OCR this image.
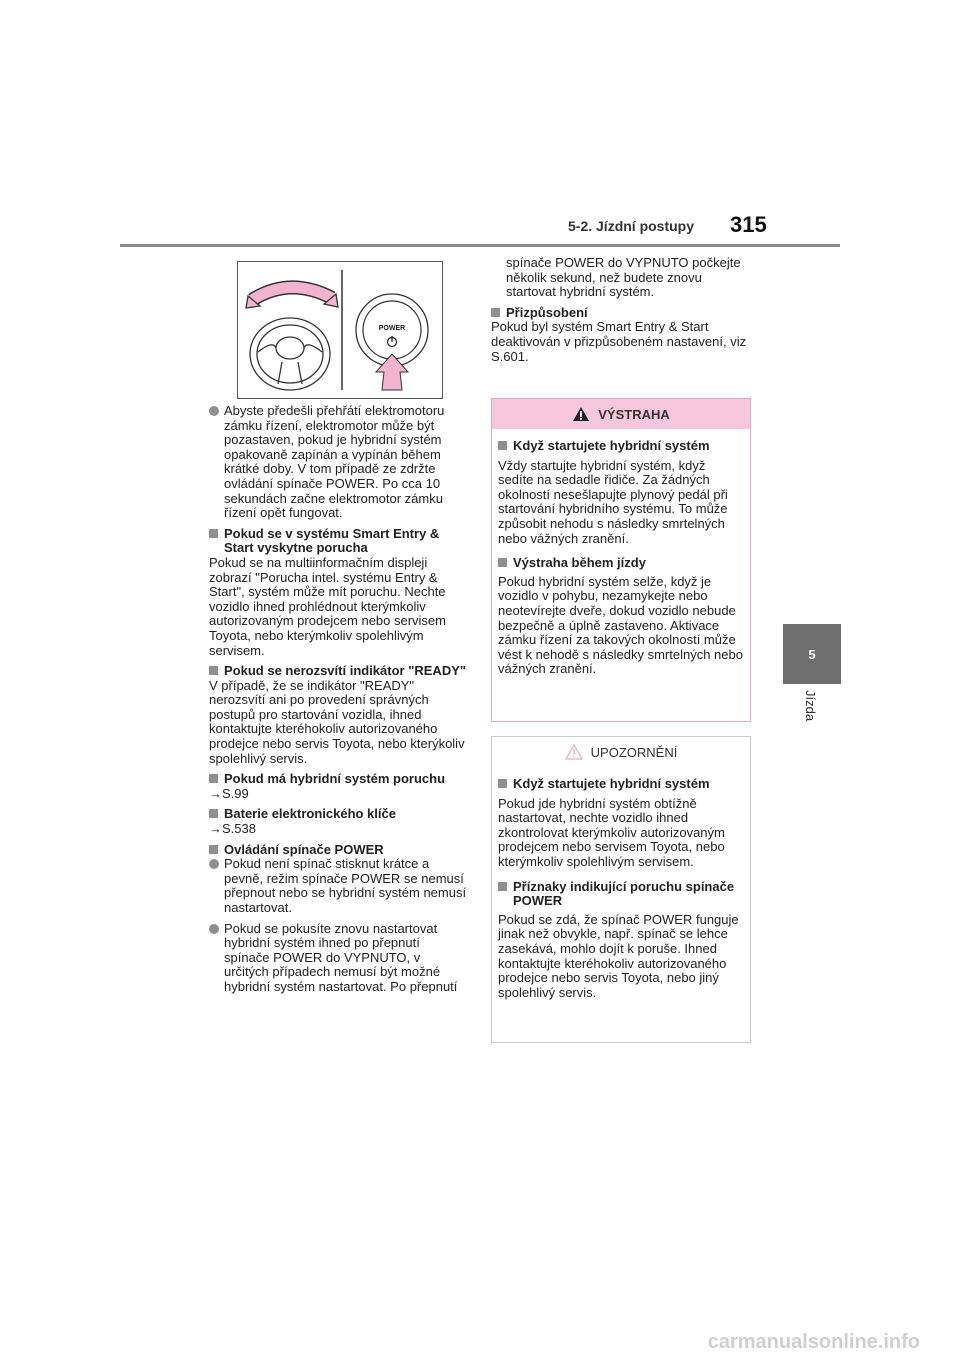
5-2. Jízdní postupy 315
5
Jízda
POWER

Abyste předešli přehřátí elektromotoru zámku řízení, elektromotor může být pozastaven, pokud je hybridní systém opakovaně zapínán a vypínán během krátké doby. V tom případě ze zdržte ovládání spínače POWER. Po cca 10 sekundách začne elektromotor zámku řízení opět fungovat.

Pokud se v systému Smart Entry & Start vyskytne porucha

Pokud se na multiinformačním displeji zobrazí "Porucha intel. systému Entry & Start", systém může mít poruchu. Nechte vozidlo ihned prohlédnout kterýmkoliv autorizovaným prodejcem nebo servisem Toyota, nebo kterýmkoliv spolehlivým servisem.

Pokud se nerozsvítí indikátor "READY"

V případě, že se indikátor "READY" nerozsvítí ani po provedení správných postupů pro startování vozidla, ihned kontaktujte kteréhokoliv autorizovaného prodejce nebo servis Toyota, nebo kterýkoliv spolehlivý servis.

Pokud má hybridní systém poruchu

→S.99

Baterie elektronického klíče

→S.538

Ovládání spínače POWER

Pokud není spínač stisknut krátce a pevně, režim spínače POWER se nemusí přepnout nebo se hybridní systém nemusí nastartovat.

Pokud se pokusíte znovu nastartovat hybridní systém ihned po přepnutí spínače POWER do VYPNUTO, v určitých případech nemusí být možné hybridní systém nastartovat. Po přepnutí

spínače POWER do VYPNUTO počkejte několik sekund, než budete znovu startovat hybridní systém.

Přizpůsobení

Pokud byl systém Smart Entry & Start deaktivován v přizpůsobeném nastavení, viz S.601.

VÝSTRAHA

Když startujete hybridní systém

Vždy startujte hybridní systém, když sedíte na sedadle řidiče. Za žádných okolností nesešlapujte plynový pedál při startování hybridního systému. To může způsobit nehodu s následky smrtelných nebo vážných zranění.

Výstraha během jízdy

Pokud hybridní systém selže, když je vozidlo v pohybu, nezamykejte nebo neotevírejte dveře, dokud vozidlo nebude bezpečně a úplně zastaveno. Aktivace zámku řízení za takových okolností může vést k nehodě s následky smrtelných nebo vážných zranění.

UPOZORNĚNÍ

Když startujete hybridní systém

Pokud jde hybridní systém obtížně nastartovat, nechte vozidlo ihned zkontrolovat kterýmkoliv autorizovaným prodejcem nebo servisem Toyota, nebo kterýmkoliv spolehlivým servisem.

Příznaky indikující poruchu spínače POWER

Pokud se zdá, že spínač POWER funguje jinak než obvykle, např. spínač se lehce zasekává, mohlo dojít k poruše. Ihned kontaktujte kteréhokoliv autorizovaného prodejce nebo servis Toyota, nebo jiný spolehlivý servis.

carmanualsonline.info
